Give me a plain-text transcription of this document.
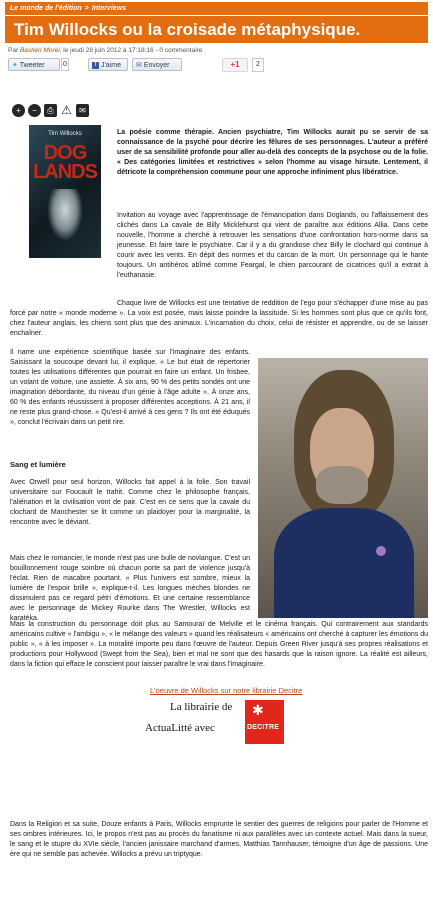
Le monde de l'édition > Interviews
Tim Willocks ou la croisade métaphysique.
Par Bastien Morel, le jeudi 28 juin 2012 à 17:18:16 - 0 commentaire
✦ Tweeter	0	f J'aime	✉ Envoyer	+1	2
+	−	⎙ ⚠ ✉
Tim Willocks
DOG
LANDS
La poésie comme thérapie. Ancien psychiatre, Tim Willocks aurait pu se servir de sa connaissance de la psyché pour décrire les fêlures de ses personnages. L'auteur a préféré user de sa sensibilité profonde pour aller au-delà des concepts de la psychose ou de la folie. « Des catégories limitées et restrictives » selon l'homme au visage hirsute. Lentement, il détricote la compréhension commune pour une approche infiniment plus libératrice.
Invitation au voyage avec l'apprentissage de l'émancipation dans Doglands, ou l'affaissement des clichés dans La cavale de Billy Micklehurst qui vient de paraître aux éditions Allia. Dans cette nouvelle, l'homme a cherché à retrouver les sensations d'une confrontation hors-norme dans sa jeunesse. Et faire taire le psychiatre. Car il y a du grandiose chez Billy le clochard qui continue à courir avec les vents. En dépit des normes et du carcan de la mort. Un personnage qui le hante toujours. Un antihéros abîmé comme Feargal, le chien parcourant de cicatrices qu'il a extrait à l'euthanasie.
Chaque livre de Willocks est une tentative de reddition de l'ego pour s'échapper d'une mise au pas forcé par notre « monde moderne ». La voix est posée, mais laisse poindre la lassitude. Si les hommes sont plus que ce qu'ils font, chez l'auteur anglais, les chiens sont plus que des animaux. L'incarnation du choix, celui de résister et apprendre, ou de se laisser enchaîner.
Il narre une expérience scientifique basée sur l'imaginaire des enfants. Saisissant la soucoupe devant lui, il explique. « Le but était de répertorier toutes les utilisations différentes que pourrait en faire un enfant. Un frisbee, un volant de voiture, une assiette. À six ans, 90 % des petits sondés ont une imagination débordante, du niveau d'un génie à l'âge adulte ». À onze ans, 60 % des enfants réussissent à proposer différentes acceptions. À 21 ans, il ne reste plus grand-chose. « Qu'est-il arrivé à ces gens ? Ils ont été éduqués », conclut l'écrivain dans un petit rire.
Sang et lumière
Avec Orwell pour seul horizon, Willocks fait appel à la folie. Son travail universitaire sur Foucault le trahit. Comme chez le philosophe français, l'aliénation et la civilisation vont de pair. C'est en ce sens que la cavale du clochard de Manchester se lit comme un plaidoyer pour la marginalité, la rencontre avec le déviant.
Mais chez le romancier, le monde n'est pas une bulle de novlangue. C'est un bouillonnement rouge sombre où chacun porte sa part de violence jusqu'à l'éclat. Rien de macabre pourtant. « Plus l'univers est sombre, mieux la lumière de l'espoir brille », explique-t-il. Les longues mèches blondes ne dissimulent pas ce regard pétri d'émotions. Et une certaine ressemblance avec le personnage de Mickey Rourke dans The Wrestler, Willocks est karatéka.
Mais la construction du personnage doit plus au Samouraï de Melville et le cinéma français. Qui contrairement aux standards américains cultive « l'ambigu », « le mélange des valeurs » quand les réalisateurs « américains ont cherché à capturer les émotions du public », « à les imposer ». La moralité importe peu dans l'œuvre de l'auteur. Depuis Green River jusqu'à ses propres réalisations et productions pour Hollywood (Swept from the Sea), bien et mal ne sont que des hasards que la raison ignore. La réalité est ailleurs, dans la fiction qui efface le conscient pour laisser paraître le vrai dans l'imaginaire.
L'oeuvre de Willocks sur notre librairie Decitre
La librairie de
ActuaLitté avec
✱
DECITRE
Dans la Religion et sa suite, Douze enfants à Paris, Willocks emprunte le sentier des guerres de religions pour parler de l'Homme et ses ombres intérieures. Ici, le propos n'est pas au procès du fanatisme ni aux parallèles avec un contexte actuel. Mais dans la sueur, le sang et le stupre du XVIe siècle, l'ancien janissaire marchand d'armes, Matthias Tannhauser, témoigne d'un âge de passions. Une ère qui ne semble pas achevée. Willocks a prévu un triptyque.
